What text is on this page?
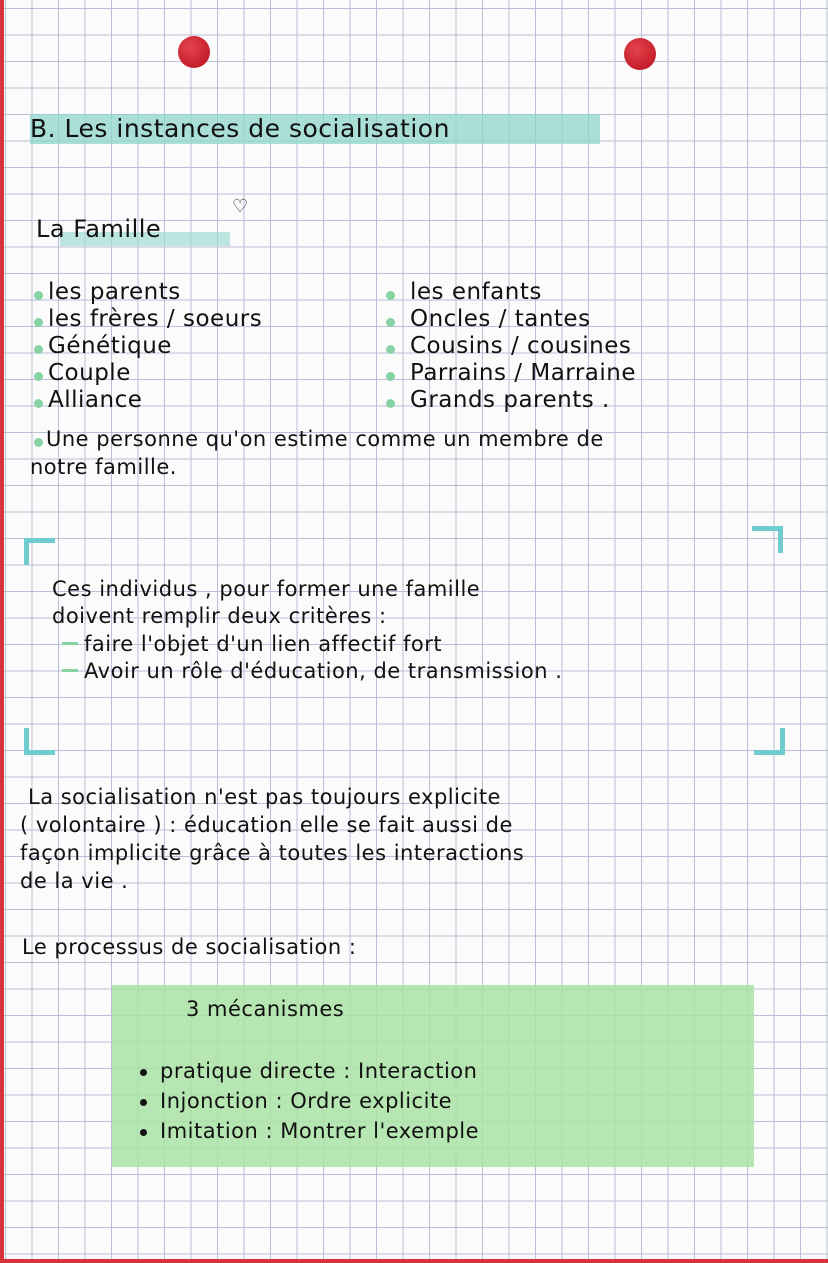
B. Les instances de socialisation
La Famille
♡
les parents
les frères / soeurs
Génétique
Couple
Alliance
les enfants
Oncles / tantes
Cousins / cousines
Parrains / Marraine
Grands parents .
Une personne qu'on estime comme un membre de
notre famille.
Ces individus , pour former une famille
doivent remplir deux critères :
faire l'objet d'un lien affectif fort
Avoir un rôle d'éducation, de transmission .
La socialisation n'est pas toujours explicite
( volontaire ) : éducation elle se fait aussi de
façon implicite grâce à toutes les interactions
de la vie .
Le processus de socialisation :
3 mécanismes
pratique directe : Interaction
Injonction : Ordre explicite
Imitation : Montrer l'exemple
